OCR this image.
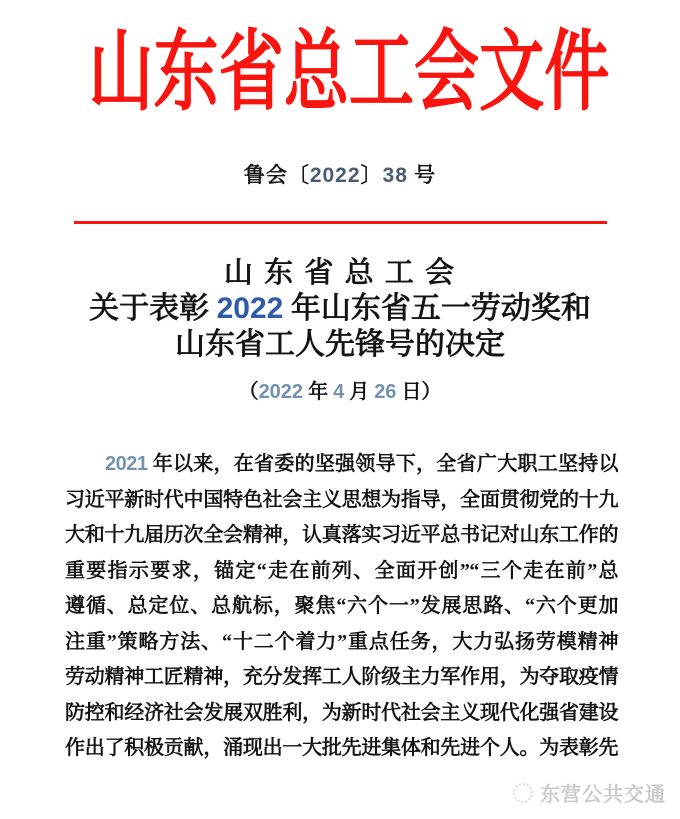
山东省总工会文件
鲁会〔2022〕38 号
山 东 省 总 工 会
关于表彰 2022 年山东省五一劳动奖和
山东省工人先锋号的决定
（2022 年 4 月 26 日）
2021 年以来，在省委的坚强领导下，全省广大职工坚持以
习近平新时代中国特色社会主义思想为指导，全面贯彻党的十九
大和十九届历次全会精神，认真落实习近平总书记对山东工作的
重要指示要求，锚定“走在前列、全面开创”“三个走在前”总
遵循、总定位、总航标，聚焦“六个一”发展思路、“六个更加
注重”策略方法、“十二个着力”重点任务，大力弘扬劳模精神
劳动精神工匠精神，充分发挥工人阶级主力军作用，为夺取疫情
防控和经济社会发展双胜利，为新时代社会主义现代化强省建设
作出了积极贡献，涌现出一大批先进集体和先进个人。为表彰先
东营公共交通
